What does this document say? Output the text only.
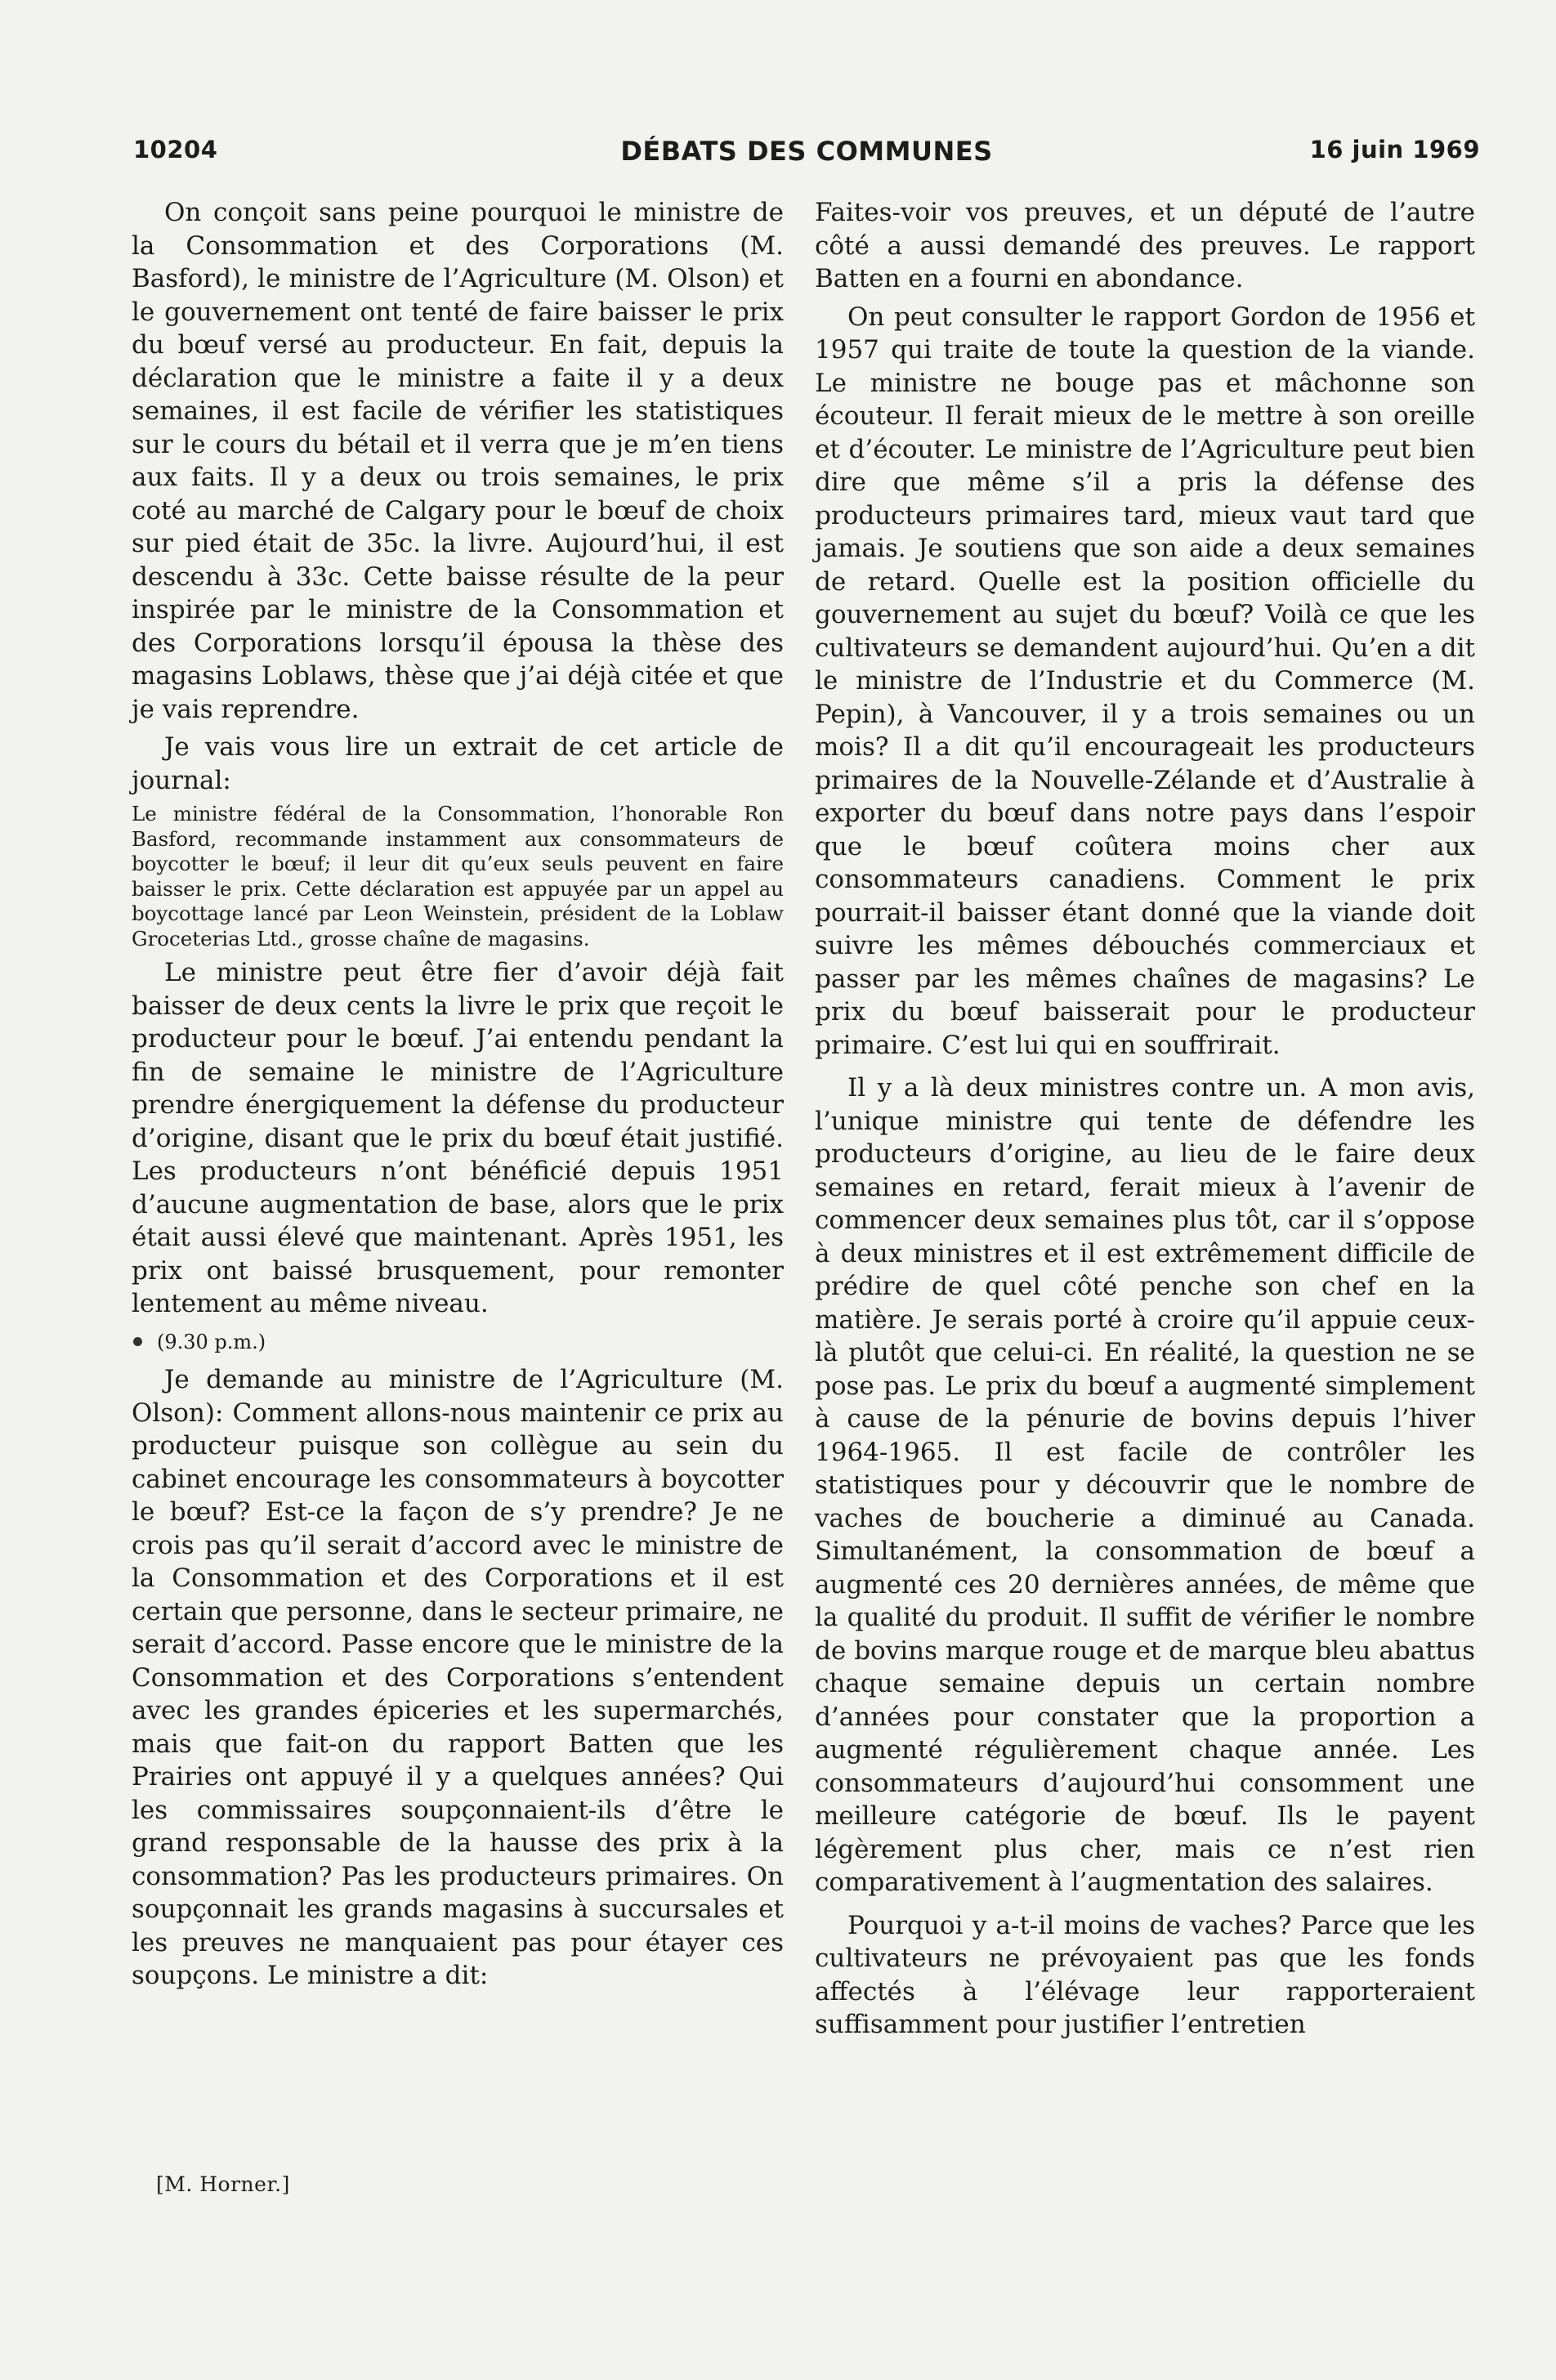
10204	DÉBATS DES COMMUNES	16 juin 1969

On conçoit sans peine pourquoi le ministre de la Consommation et des Corporations (M. Basford), le ministre de l’Agriculture (M. Olson) et le gouvernement ont tenté de faire baisser le prix du bœuf versé au producteur. En fait, depuis la déclaration que le ministre a faite il y a deux semaines, il est facile de vérifier les statistiques sur le cours du bétail et il verra que je m’en tiens aux faits. Il y a deux ou trois semaines, le prix coté au marché de Calgary pour le bœuf de choix sur pied était de 35c. la livre. Aujourd’hui, il est descendu à 33c. Cette baisse résulte de la peur inspirée par le ministre de la Consommation et des Corporations lorsqu’il épousa la thèse des magasins Loblaws, thèse que j’ai déjà citée et que je vais reprendre.

Je vais vous lire un extrait de cet article de journal:

Le ministre fédéral de la Consommation, l’honorable Ron Basford, recommande instamment aux consommateurs de boycotter le bœuf; il leur dit qu’eux seuls peuvent en faire baisser le prix. Cette déclaration est appuyée par un appel au boycottage lancé par Leon Weinstein, président de la Loblaw Groceterias Ltd., grosse chaîne de magasins.

Le ministre peut être fier d’avoir déjà fait baisser de deux cents la livre le prix que reçoit le producteur pour le bœuf. J’ai entendu pendant la fin de semaine le ministre de l’Agriculture prendre énergiquement la défense du producteur d’origine, disant que le prix du bœuf était justifié. Les producteurs n’ont bénéficié depuis 1951 d’aucune augmentation de base, alors que le prix était aussi élevé que maintenant. Après 1951, les prix ont baissé brusquement, pour remonter lentement au même niveau.

(9.30 p.m.)

Je demande au ministre de l’Agriculture (M. Olson): Comment allons-nous maintenir ce prix au producteur puisque son collègue au sein du cabinet encourage les consommateurs à boycotter le bœuf? Est-ce la façon de s’y prendre? Je ne crois pas qu’il serait d’accord avec le ministre de la Consommation et des Corporations et il est certain que personne, dans le secteur primaire, ne serait d’accord. Passe encore que le ministre de la Consommation et des Corporations s’entendent avec les grandes épiceries et les supermarchés, mais que fait-on du rapport Batten que les Prairies ont appuyé il y a quelques années? Qui les commissaires soupçonnaient-ils d’être le grand responsable de la hausse des prix à la consommation? Pas les producteurs primaires. On soupçonnait les grands magasins à succursales et les preuves ne manquaient pas pour étayer ces soupçons. Le ministre a dit:

Faites-voir vos preuves, et un député de l’autre côté a aussi demandé des preuves. Le rapport Batten en a fourni en abondance.

On peut consulter le rapport Gordon de 1956 et 1957 qui traite de toute la question de la viande. Le ministre ne bouge pas et mâchonne son écouteur. Il ferait mieux de le mettre à son oreille et d’écouter. Le ministre de l’Agriculture peut bien dire que même s’il a pris la défense des producteurs primaires tard, mieux vaut tard que jamais. Je soutiens que son aide a deux semaines de retard. Quelle est la position officielle du gouvernement au sujet du bœuf? Voilà ce que les cultivateurs se demandent aujourd’hui. Qu’en a dit le ministre de l’Industrie et du Commerce (M. Pepin), à Vancouver, il y a trois semaines ou un mois? Il a dit qu’il encourageait les producteurs primaires de la Nouvelle-Zélande et d’Australie à exporter du bœuf dans notre pays dans l’espoir que le bœuf coûtera moins cher aux consommateurs canadiens. Comment le prix pourrait-il baisser étant donné que la viande doit suivre les mêmes débouchés commerciaux et passer par les mêmes chaînes de magasins? Le prix du bœuf baisserait pour le producteur primaire. C’est lui qui en souffrirait.

Il y a là deux ministres contre un. A mon avis, l’unique ministre qui tente de défendre les producteurs d’origine, au lieu de le faire deux semaines en retard, ferait mieux à l’avenir de commencer deux semaines plus tôt, car il s’oppose à deux ministres et il est extrêmement difficile de prédire de quel côté penche son chef en la matière. Je serais porté à croire qu’il appuie ceux-là plutôt que celui-ci. En réalité, la question ne se pose pas. Le prix du bœuf a augmenté simplement à cause de la pénurie de bovins depuis l’hiver 1964-1965. Il est facile de contrôler les statistiques pour y découvrir que le nombre de vaches de boucherie a diminué au Canada. Simultanément, la consommation de bœuf a augmenté ces 20 dernières années, de même que la qualité du produit. Il suffit de vérifier le nombre de bovins marque rouge et de marque bleu abattus chaque semaine depuis un certain nombre d’années pour constater que la proportion a augmenté régulièrement chaque année. Les consommateurs d’aujourd’hui consomment une meilleure catégorie de bœuf. Ils le payent légèrement plus cher, mais ce n’est rien comparativement à l’augmentation des salaires.

Pourquoi y a-t-il moins de vaches? Parce que les cultivateurs ne prévoyaient pas que les fonds affectés à l’élévage leur rapporteraient suffisamment pour justifier l’entretien

[M. Horner.]
